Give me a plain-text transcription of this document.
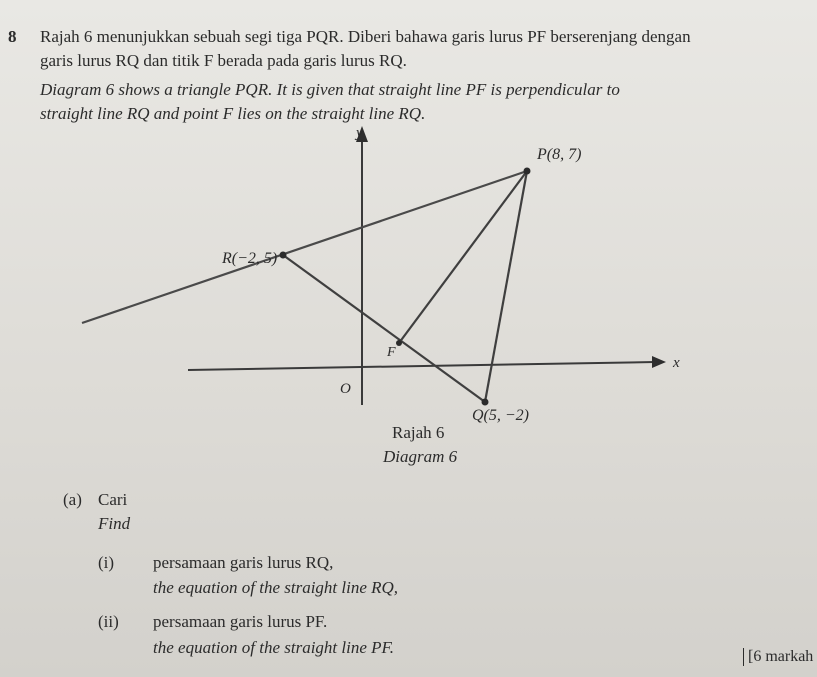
8 Rajah 6 menunjukkan sebuah segi tiga PQR. Diberi bahawa garis lurus PF berserenjang dengan
garis lurus RQ dan titik F berada pada garis lurus RQ.
Diagram 6 shows a triangle PQR. It is given that straight line PF is perpendicular to
straight line RQ and point F lies on the straight line RQ.
y
x
O
P(8, 7)
R(−2, 5)
Q(5, −2)
F
Rajah 6
Diagram 6
(a) Cari
Find
(i) persamaan garis lurus RQ,
the equation of the straight line RQ,
(ii) persamaan garis lurus PF.
the equation of the straight line PF.	[6 markah
